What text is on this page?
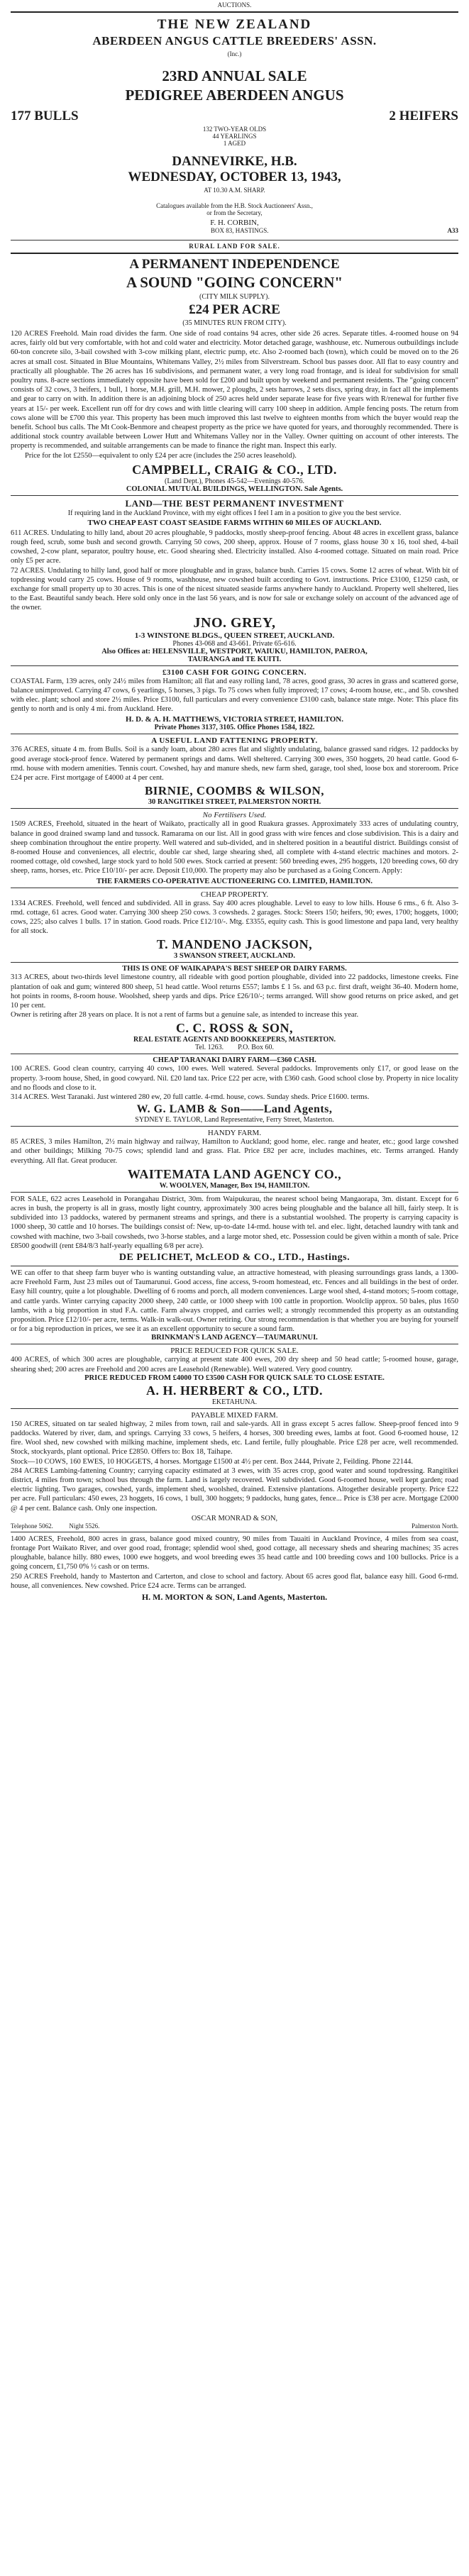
AUCTIONS.
THE NEW ZEALAND
ABERDEEN ANGUS CATTLE BREEDERS' ASSN.
(Inc.)
23RD ANNUAL SALE
PEDIGREE ABERDEEN ANGUS
177 BULLS	2 HEIFERS
132 TWO-YEAR OLDS
44 YEARLINGS
1 AGED
DANNEVIRKE, H.B.
WEDNESDAY, OCTOBER 13, 1943,
AT 10.30 A.M. SHARP.
Catalogues available from the H.B. Stock Auctioneers' Assn.,
or from the Secretary,
F. H. CORBIN,
BOX 83, HASTINGS.	A33
RURAL LAND FOR SALE.
A PERMANENT INDEPENDENCE
A SOUND "GOING CONCERN"
(CITY MILK SUPPLY).
£24 PER ACRE
(35 MINUTES RUN FROM CITY).

120 ACRES Freehold. Main road divides the farm. One side of road contains 94 acres, other side 26 acres. Separate titles. 4-roomed house on 94 acres, fairly old but very comfortable, with hot and cold water and electricity. Motor detached garage, washhouse, etc. Numerous outbuildings include 60-ton concrete silo, 3-bail cowshed with 3-cow milking plant, electric pump, etc. Also 2-roomed bach (town), which could be moved on to the 26 acres at small cost. Situated in Blue Mountains, Whitemans Valley, 2½ miles from Silverstream. School bus passes door. All flat to easy country and practically all ploughable. The 26 acres has 16 subdivisions, and permanent water, a very long road frontage, and is ideal for subdivision for small poultry runs. 8-acre sections immediately opposite have been sold for £200 and built upon by weekend and permanent residents. The "going concern" consists of 32 cows, 3 heifers, 1 bull, 1 horse, M.H. grill, M.H. mower, 2 ploughs, 2 sets harrows, 2 sets discs, spring dray, in fact all the implements and gear to carry on with. In addition there is an adjoining block of 250 acres held under separate lease for five years with R/renewal for further five years at 15/- per week. Excellent run off for dry cows and with little clearing will carry 100 sheep in addition. Ample fencing posts. The return from cows alone will be £700 this year. This property has been much improved this last twelve to eighteen months from which the buyer would reap the benefit. School bus calls. The Mt Cook-Benmore and cheapest property as the price we have quoted for years, and thoroughly recommended. There is additional stock country available between Lower Hutt and Whitemans Valley nor in the Valley. Owner quitting on account of other interests. The property is recommended, and suitable arrangements can be made to finance the right man. Inspect this early.

Price for the lot £2550—equivalent to only £24 per acre (includes the 250 acres leasehold).

CAMPBELL, CRAIG & CO., LTD.
(Land Dept.), Phones 45-542—Evenings 40-576.
COLONIAL MUTUAL BUILDINGS, WELLINGTON. Sale Agents.
LAND—THE BEST PERMANENT INVESTMENT
If requiring land in the Auckland Province, with my eight offices I feel I am in a position to give you the best service.
TWO CHEAP EAST COAST SEASIDE FARMS WITHIN 60 MILES OF AUCKLAND.

611 ACRES. Undulating to hilly land, about 20 acres ploughable, 9 paddocks, mostly sheep-proof fencing. About 48 acres in excellent grass, balance rough feed, scrub, some bush and second growth. Carrying 50 cows, 200 sheep, approx. House of 7 rooms, glass house 30 x 16, tool shed, 4-bail cowshed, 2-cow plant, separator, poultry house, etc. Good shearing shed. Electricity installed. Also 4-roomed cottage. Situated on main road. Price only £5 per acre.

72 ACRES. Undulating to hilly land, good half or more ploughable and in grass, balance bush. Carries 15 cows. Some 12 acres of wheat. With bit of topdressing would carry 25 cows. House of 9 rooms, washhouse, new cowshed built according to Govt. instructions. Price £3100, £1250 cash, or exchange for small property up to 30 acres. This is one of the nicest situated seaside farms anywhere handy to Auckland. Property well sheltered, lies to the East. Beautiful sandy beach. Here sold only once in the last 56 years, and is now for sale or exchange solely on account of the advanced age of the owner.

JNO. GREY,
1-3 WINSTONE BLDGS., QUEEN STREET, AUCKLAND.
Phones 43-068 and 43-661. Private 65-616.
Also Offices at: HELENSVILLE, WESTPORT, WAIUKU, HAMILTON, PAEROA,
TAURANGA and TE KUITI.
£3100 CASH FOR GOING CONCERN.

COASTAL Farm, 139 acres, only 24½ miles from Hamilton; all flat and easy rolling land, 78 acres, good grass, 30 acres in grass and scattered gorse, balance unimproved. Carrying 47 cows, 6 yearlings, 5 horses, 3 pigs. To 75 cows when fully improved; 17 cows; 4-room house, etc., and 5b. cowshed with elec. plant; school and store 2½ miles. Price £3100, full particulars and every convenience £3100 cash, balance state mtge. Note: This place fits gently to north and is only 4 mi. from Auckland. Here.

H. D. & A. H. MATTHEWS, VICTORIA STREET, HAMILTON.
Private Phones 3137, 3105. Office Phones 1584, 1822.
A USEFUL LAND FATTENING PROPERTY.

376 ACRES, situate 4 m. from Bulls. Soil is a sandy loam, about 280 acres flat and slightly undulating, balance grassed sand ridges. 12 paddocks by good average stock-proof fence. Watered by permanent springs and dams. Well sheltered. Carrying 300 ewes, 350 hoggets, 20 head cattle. Good 6-rmd. house with modern amenities. Tennis court. Cowshed, hay and manure sheds, new farm shed, garage, tool shed, loose box and storeroom. Price £24 per acre. First mortgage of £4000 at 4 per cent.

BIRNIE, COOMBS & WILSON,
30 RANGITIKEI STREET, PALMERSTON NORTH.
No Fertilisers Used.

1509 ACRES, Freehold, situated in the heart of Waikato, practically all in good Ruakura grasses. Approximately 333 acres of undulating country, balance in good drained swamp land and tussock. Ramarama on our list. All in good grass with wire fences and close subdivision. This is a dairy and sheep combination throughout the entire property. Well watered and sub-divided, and in sheltered position in a beautiful district. Buildings consist of 8-roomed House and conveniences, all electric, double car shed, large shearing shed, all complete with 4-stand electric machines and motors. 2-roomed cottage, old cowshed, large stock yard to hold 500 ewes. Stock carried at present: 560 breeding ewes, 295 hoggets, 120 breeding cows, 60 dry sheep, rams, horses, etc. Price £10/10/- per acre. Deposit £10,000. The property may also be purchased as a Going Concern. Apply:

THE FARMERS CO-OPERATIVE AUCTIONEERING CO. LIMITED, HAMILTON.
CHEAP PROPERTY.

1334 ACRES. Freehold, well fenced and subdivided. All in grass. Say 400 acres ploughable. Level to easy to low hills. House 6 rms., 6 ft. Also 3-rmd. cottage, 61 acres. Good water. Carrying 300 sheep 250 cows. 3 cowsheds. 2 garages. Stock: Steers 150; heifers, 90; ewes, 1700; hoggets, 1000; cows, 225; also calves 1 bulls. 17 in station. Good roads. Price £12/10/-. Mtg. £3355, equity cash. This is good limestone and papa land, very healthy for all stock.

T. MANDENO JACKSON,
3 SWANSON STREET, AUCKLAND.
THIS IS ONE OF WAIKAPAPA'S BEST SHEEP OR DAIRY FARMS.

313 ACRES, about two-thirds level limestone country, all rideable with good portion ploughable, divided into 22 paddocks, limestone creeks. Fine plantation of oak and gum; wintered 800 sheep, 51 head cattle. Wool returns £557; lambs £ 1 5s. and 63 p.c. first draft, weight 36-40. Modern home, hot points in rooms, 8-room house. Woolshed, sheep yards and dips. Price £26/10/-; terms arranged. Will show good returns on price asked, and get 10 per cent.

Owner is retiring after 28 years on place. It is not a rent of farms but a genuine sale, as intended to increase this year.

C. C. ROSS & SON,
REAL ESTATE AGENTS AND BOOKKEEPERS, MASTERTON.
Tel. 1263.        P.O. Box 60.
CHEAP TARANAKI DAIRY FARM—£360 CASH.

100 ACRES. Good clean country, carrying 40 cows, 100 ewes. Well watered. Several paddocks. Improvements only £17, or good lease on the property. 3-room house, Shed, in good cowyard. Nil. £20 land tax. Price £22 per acre, with £360 cash. Good school close by. Property in nice locality and no floods and close to it.

314 ACRES. West Taranaki. Just wintered 280 ew, 20 full cattle. 4-rmd. house, cows. Sunday sheds. Price £1600. terms.

W. G. LAMB & Son——Land Agents,
SYDNEY E. TAYLOR, Land Representative, Ferry Street, Masterton.
HANDY FARM.

85 ACRES, 3 miles Hamilton, 2½ main highway and railway, Hamilton to Auckland; good home, elec. range and heater, etc.; good large cowshed and other buildings; Milking 70-75 cows; splendid land and grass. Flat. Price £82 per acre, includes machines, etc. Terms arranged. Handy everything. All flat. Great producer.

WAITEMATA LAND AGENCY CO.,
W. WOOLVEN, Manager, Box 194, HAMILTON.

FOR SALE, 622 acres Leasehold in Porangahau District, 30m. from Waipukurau, the nearest school being Mangaorapa, 3m. distant. Except for 6 acres in bush, the property is all in grass, mostly light country, approximately 300 acres being ploughable and the balance all hill, fairly steep. It is subdivided into 13 paddocks, watered by permanent streams and springs, and there is a substantial woolshed. The property is carrying capacity is 1000 sheep, 30 cattle and 10 horses. The buildings consist of: New, up-to-date 14-rmd. house with tel. and elec. light, detached laundry with tank and cowshed with machine, two 3-bail cowsheds, two 3-horse stables, and a large motor shed, etc. Possession could be given within a month of sale. Price £8500 goodwill (rent £84/8/3 half-yearly equalling 6/8 per acre).

DE PELICHET, McLEOD & CO., LTD., Hastings.

WE can offer to that sheep farm buyer who is wanting outstanding value, an attractive homestead, with pleasing surroundings grass lands, a 1300-acre Freehold Farm, Just 23 miles out of Taumarunui. Good access, fine access, 9-room homestead, etc. Fences and all buildings in the best of order. Easy hill country, quite a lot ploughable. Dwelling of 6 rooms and porch, all modern conveniences. Large wool shed, 4-stand motors; 5-room cottage, and cattle yards. Winter carrying capacity 2000 sheep, 240 cattle, or 1000 sheep with 100 cattle in proportion. Woolclip approx. 50 bales, plus 1650 lambs, with a big proportion in stud F.A. cattle. Farm always cropped, and carries well; a strongly recommended this property as an outstanding proposition. Price £12/10/- per acre, terms. Walk-in walk-out. Owner retiring. Our strong recommendation is that whether you are buying for yourself or for a big reproduction in prices, we see it as an excellent opportunity to secure a sound farm.

BRINKMAN'S LAND AGENCY—TAUMARUNUI.
PRICE REDUCED FOR QUICK SALE.

400 ACRES, of which 300 acres are ploughable, carrying at present state 400 ewes, 200 dry sheep and 50 head cattle; 5-roomed house, garage, shearing shed; 200 acres are Freehold and 200 acres are Leasehold (Renewable). Well watered. Very good country.

PRICE REDUCED FROM £4000 TO £3500 CASH FOR QUICK SALE TO CLOSE ESTATE.
A. H. HERBERT & CO., LTD.
EKETAHUNA.
PAYABLE MIXED FARM.

150 ACRES, situated on tar sealed highway, 2 miles from town, rail and sale-yards. All in grass except 5 acres fallow. Sheep-proof fenced into 9 paddocks. Watered by river, dam, and springs. Carrying 33 cows, 5 heifers, 4 horses, 300 breeding ewes, lambs at foot. Good 6-roomed house, 12 fire. Wool shed, new cowshed with milking machine, implement sheds, etc. Land fertile, fully ploughable. Price £28 per acre, well recommended. Stock, stockyards, plant optional. Price £2850. Offers to: Box 18, Taihape.

Stock—10 COWS, 160 EWES, 10 HOGGETS, 4 horses. Mortgage £1500 at 4½ per cent. Box 2444, Private 2, Feilding. Phone 22144.

284 ACRES Lambing-fattening Country; carrying capacity estimated at 3 ewes, with 35 acres crop, good water and sound topdressing. Rangitikei district, 4 miles from town; school bus through the farm. Land is largely recovered. Well subdivided. Good 6-roomed house, well kept garden; road electric lighting. Two garages, cowshed, yards, implement shed, woolshed, drained. Extensive plantations. Altogether desirable property. Price £22 per acre. Full particulars: 450 ewes, 23 hoggets, 16 cows, 1 bull, 300 hoggets; 9 paddocks, hung gates, fence... Price is £38 per acre. Mortgage £2000 @ 4 per cent. Balance cash. Only one inspection.

OSCAR MONRAD & SON,
Telephone 5062.          Night 5526.	Palmerston North.

1400 ACRES, Freehold, 800 acres in grass, balance good mixed country, 90 miles from Tauaiti in Auckland Province, 4 miles from sea coast, frontage Port Waikato River, and over good road, frontage; splendid wool shed, good cottage, all necessary sheds and shearing machines; 35 acres ploughable, balance hilly. 880 ewes, 1000 ewe hoggets, and wool breeding ewes 35 head cattle and 100 breeding cows and 100 bullocks. Price is a going concern, £1,750 0% ½ cash or on terms.

250 ACRES Freehold, handy to Masterton and Carterton, and close to school and factory. About 65 acres good flat, balance easy hill. Good 6-rmd. house, all conveniences. New cowshed. Price £24 acre. Terms can be arranged.

H. M. MORTON & SON, Land Agents, Masterton.
